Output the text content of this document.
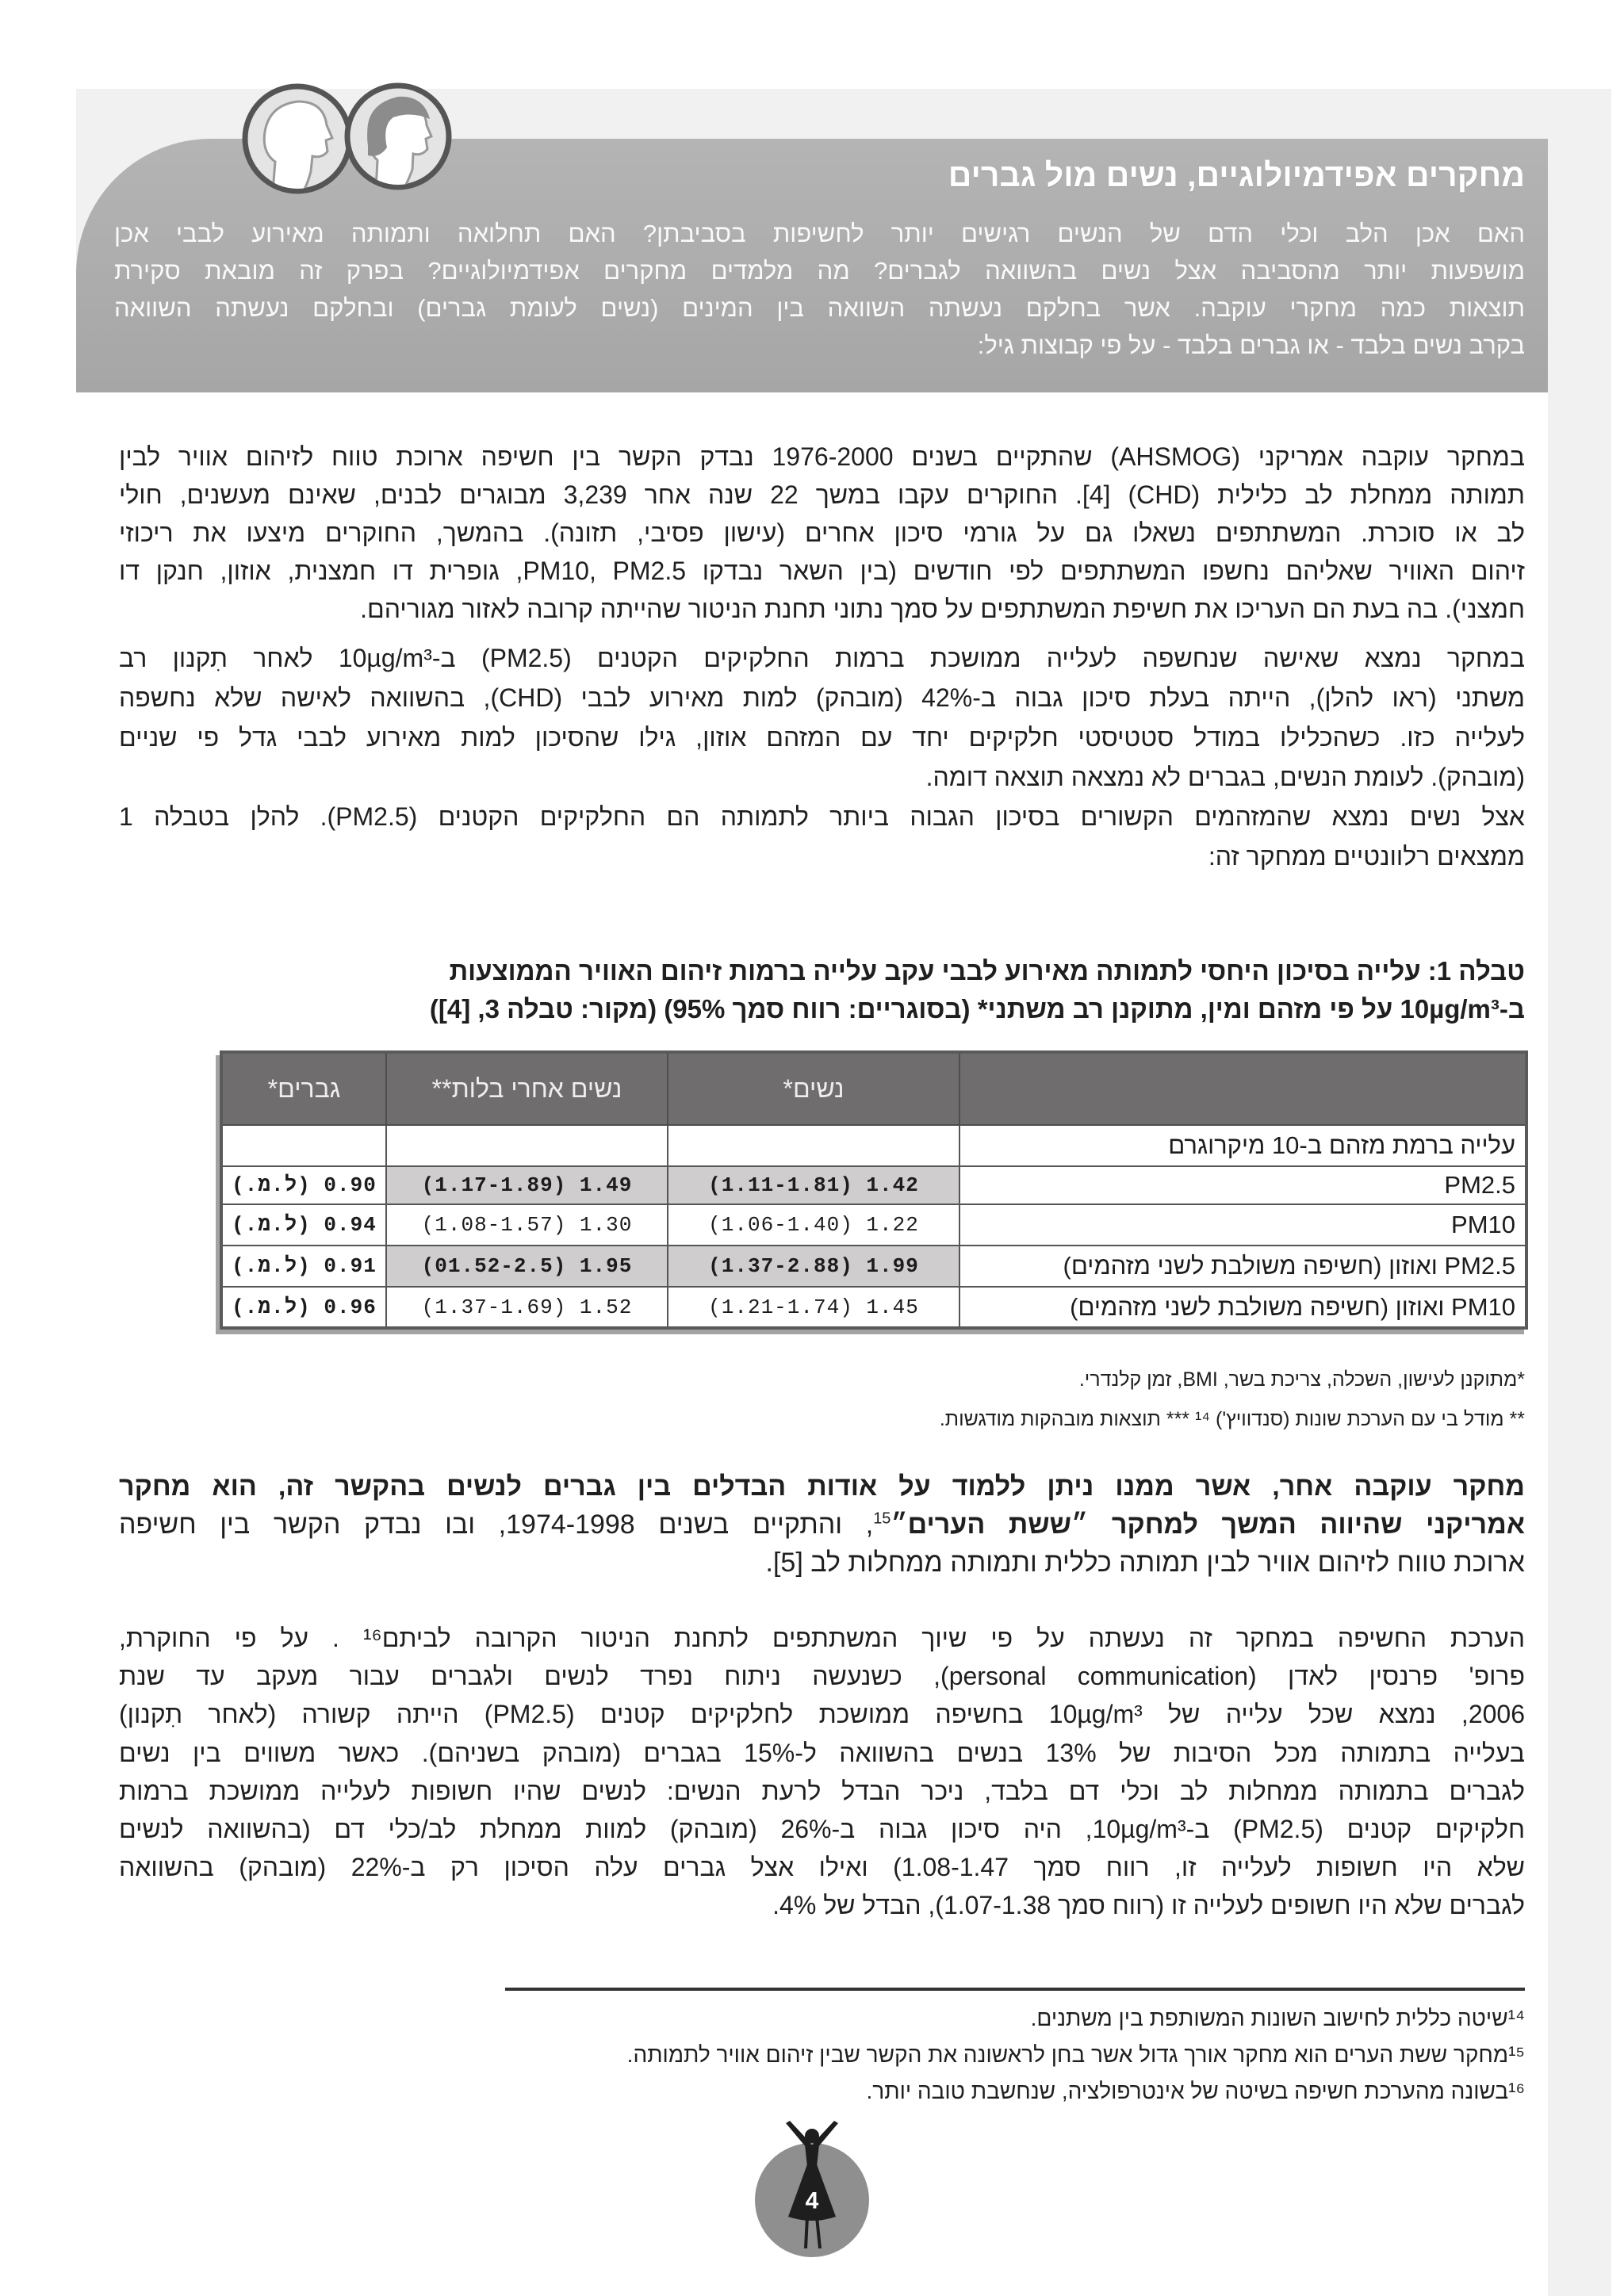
מחקרים אפידמיולוגיים, נשים מול גברים
האם אכן הלב וכלי הדם של הנשים רגישים יותר לחשיפות בסביבתן? האם תחלואה ותמותה מאירוע לבבי אכן
מושפעות יותר מהסביבה אצל נשים בהשוואה לגברים? מה מלמדים מחקרים אפידמיולוגיים? בפרק זה מובאת סקירת
תוצאות כמה מחקרי עוקבה. אשר בחלקם נעשתה השוואה בין המינים (נשים לעומת גברים) ובחלקם נעשתה השוואה
בקרב נשים בלבד - או גברים בלבד - על פי קבוצות גיל:
במחקר עוקבה אמריקני (AHSMOG) שהתקיים בשנים 1976-2000 נבדק הקשר בין חשיפה ארוכת טווח לזיהום אוויר לבין
תמותה ממחלת לב כלילית (CHD) [4]. החוקרים עקבו במשך 22 שנה אחר 3,239 מבוגרים לבנים, שאינם מעשנים, חולי
לב או סוכרת. המשתתפים נשאלו גם על גורמי סיכון אחרים (עישון פסיבי, תזונה). בהמשך, החוקרים מיצעו את ריכוזי
זיהום האוויר שאליהם נחשפו המשתתפים לפי חודשים (בין השאר נבדקו PM10, PM2.5, גופרית דו חמצנית, אוזון, חנקן דו
חמצני). בה בעת הם העריכו את חשיפת המשתתפים על סמך נתוני תחנת הניטור שהייתה קרובה לאזור מגוריהם.
במחקר נמצא שאישה שנחשפה לעלייה ממושכת ברמות החלקיקים הקטנים (PM2.5) ב-10µg/m³ לאחר תִקנון רב
משתני (ראו להלן), הייתה בעלת סיכון גבוה ב-42% (מובהק) למות מאירוע לבבי (CHD), בהשוואה לאישה שלא נחשפה
לעלייה כזו. כשהכלילו במודל סטטיסטי חלקיקים יחד עם המזהם אוזון, גילו שהסיכון למות מאירוע לבבי גדל פי שניים
(מובהק). לעומת הנשים, בגברים לא נמצאה תוצאה דומה.
אצל נשים נמצא שהמזהמים הקשורים בסיכון הגבוה ביותר לתמותה הם החלקיקים הקטנים (PM2.5). להלן בטבלה 1
ממצאים רלוונטיים ממחקר זה:
טבלה 1: עלייה בסיכון היחסי לתמותה מאירוע לבבי עקב עלייה ברמות זיהום האוויר הממוצעות
ב-10µg/m³ על פי מזהם ומין, מתוקנן רב משתני* (בסוגריים: רווח סמך 95%) (מקור: טבלה 3, [4])
	נשים*	נשים אחרי בלות**	גברים*
עלייה ברמת מזהם ב-10 מיקרוגרם			
PM2.5	1.42 (1.11-1.81)	1.49 (1.17-1.89)	0.90 (ל.מ.)
PM10	1.22 (1.06-1.40)	1.30 (1.08-1.57)	0.94 (ל.מ.)
PM2.5 ואוזון (חשיפה משולבת לשני מזהמים)	1.99 (1.37-2.88)	1.95 (01.52-2.5)	0.91 (ל.מ.)
PM10 ואוזון (חשיפה משולבת לשני מזהמים)	1.45 (1.21-1.74)	1.52 (1.37-1.69)	0.96 (ל.מ.)
*מתוקנן לעישון, השכלה, צריכת בשר, BMI, זמן קלנדרי.
** מודל בי עם הערכת שונות (סנדוויץ') ¹⁴ *** תוצאות מובהקות מודגשות.
מחקר עוקבה אחר, אשר ממנו ניתן ללמוד על אודות הבדלים בין גברים לנשים בהקשר זה, הוא מחקר
אמריקני שהיווה המשך למחקר ״ששת הערים״$^{15}$, והתקיים בשנים 1974-1998, ובו נבדק הקשר בין חשיפה
ארוכת טווח לזיהום אוויר לבין תמותה כללית ותמותה ממחלות לב [5].
הערכת החשיפה במחקר זה נעשתה על פי שיוך המשתתפים לתחנת הניטור הקרובה לביתם¹⁶ . על פי החוקרת,
פרופ' פרנסין לאדן (personal communication), כשנעשה ניתוח נפרד לנשים ולגברים עבור מעקב עד שנת
2006, נמצא שכל עלייה של 10µg/m³ בחשיפה ממושכת לחלקיקים קטנים (PM2.5) הייתה קשורה (לאחר תִקנון)
בעלייה בתמותה מכל הסיבות של 13% בנשים בהשוואה ל-15% בגברים (מובהק בשניהם). כאשר משווים בין נשים
לגברים בתמותה ממחלות לב וכלי דם בלבד, ניכר הבדל לרעת הנשים: לנשים שהיו חשופות לעלייה ממושכת ברמות
חלקיקים קטנים (PM2.5) ב-10µg/m³, היה סיכון גבוה ב-26% (מובהק) למוות ממחלת לב/כלי דם (בהשוואה לנשים
שלא היו חשופות לעלייה זו, רווח סמך 1.08-1.47) ואילו אצל גברים עלה הסיכון רק ב-22% (מובהק) בהשוואה
לגברים שלא היו חשופים לעלייה זו (רווח סמך 1.07-1.38), הבדל של 4%.
¹⁴שיטה כללית לחישוב השונות המשותפת בין משתנים.
¹⁵מחקר ששת הערים הוא מחקר אורך גדול אשר בחן לראשונה את הקשר שבין זיהום אוויר לתמותה.
¹⁶בשונה מהערכת חשיפה בשיטה של אינטרפולציה, שנחשבת טובה יותר.
4
